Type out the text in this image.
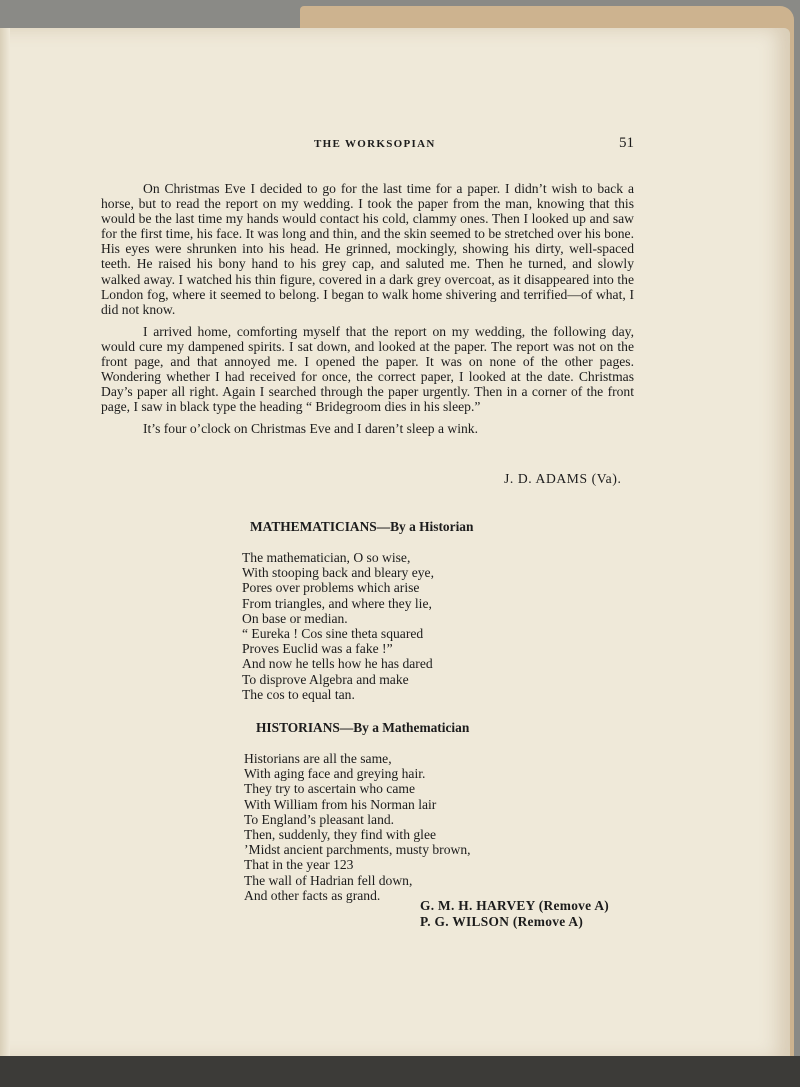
THE WORKSOPIAN	51

On Christmas Eve I decided to go for the last time for a paper. I didn’t wish to back a horse, but to read the report on my wedding. I took the paper from the man, knowing that this would be the last time my hands would contact his cold, clammy ones. Then I looked up and saw for the first time, his face. It was long and thin, and the skin seemed to be stretched over his bone. His eyes were shrunken into his head. He grinned, mockingly, showing his dirty, well-spaced teeth. He raised his bony hand to his grey cap, and saluted me. Then he turned, and slowly walked away. I watched his thin figure, covered in a dark grey overcoat, as it disappeared into the London fog, where it seemed to belong. I began to walk home shivering and terrified—of what, I did not know.

I arrived home, comforting myself that the report on my wedding, the following day, would cure my dampened spirits. I sat down, and looked at the paper. The report was not on the front page, and that annoyed me. I opened the paper. It was on none of the other pages. Wondering whether I had received for once, the correct paper, I looked at the date. Christmas Day’s paper all right. Again I searched through the paper urgently. Then in a corner of the front page, I saw in black type the heading “ Bridegroom dies in his sleep.”

It’s four o’clock on Christmas Eve and I daren’t sleep a wink.

J. D. ADAMS (Va).
MATHEMATICIANS—By a Historian
The mathematician, O so wise,
With stooping back and bleary eye,
Pores over problems which arise
From triangles, and where they lie,
On base or median.
“ Eureka ! Cos sine theta squared
Proves Euclid was a fake !”
And now he tells how he has dared
To disprove Algebra and make
The cos to equal tan.
HISTORIANS—By a Mathematician
Historians are all the same,
With aging face and greying hair.
They try to ascertain who came
With William from his Norman lair
To England’s pleasant land.
Then, suddenly, they find with glee
’Midst ancient parchments, musty brown,
That in the year 123
The wall of Hadrian fell down,
And other facts as grand.
G. M. H. HARVEY (Remove A)
P. G. WILSON (Remove A)
